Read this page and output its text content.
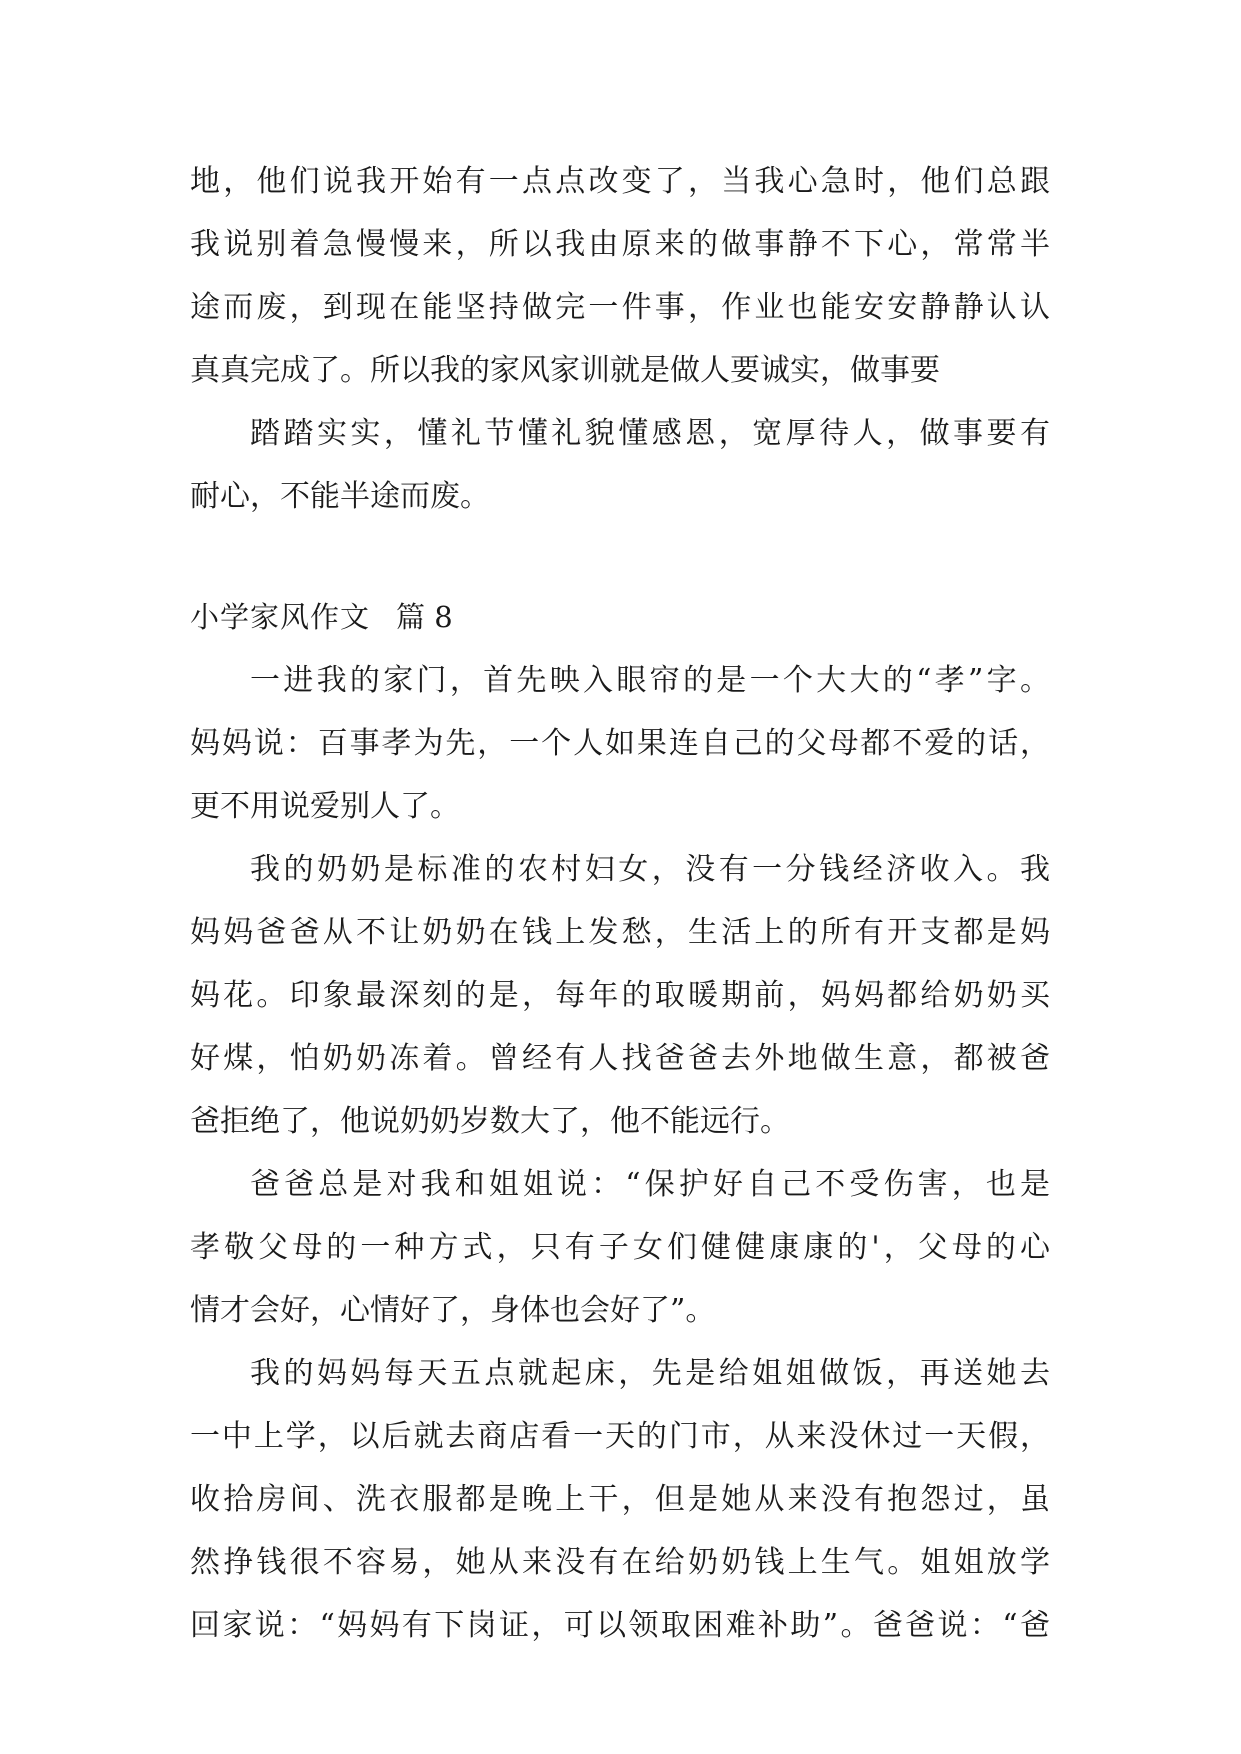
地，他们说我开始有一点点改变了，当我心急时，他们总跟
我说别着急慢慢来，所以我由原来的做事静不下心，常常半
途而废，到现在能坚持做完一件事，作业也能安安静静认认
真真完成了。所以我的家风家训就是做人要诚实，做事要
踏踏实实，懂礼节懂礼貌懂感恩，宽厚待人，做事要有
耐心，不能半途而废。
小学家风作文 篇 8
一进我的家门，首先映入眼帘的是一个大大的“孝”字。
妈妈说：百事孝为先，一个人如果连自己的父母都不爱的话，
更不用说爱别人了。
我的奶奶是标准的农村妇女，没有一分钱经济收入。我
妈妈爸爸从不让奶奶在钱上发愁，生活上的所有开支都是妈
妈花。印象最深刻的是，每年的取暖期前，妈妈都给奶奶买
好煤，怕奶奶冻着。曾经有人找爸爸去外地做生意，都被爸
爸拒绝了，他说奶奶岁数大了，他不能远行。
爸爸总是对我和姐姐说：“保护好自己不受伤害，也是
孝敬父母的一种方式，只有子女们健健康康的'，父母的心
情才会好，心情好了，身体也会好了”。
我的妈妈每天五点就起床，先是给姐姐做饭，再送她去
一中上学，以后就去商店看一天的门市，从来没休过一天假，
收拾房间、洗衣服都是晚上干，但是她从来没有抱怨过，虽
然挣钱很不容易，她从来没有在给奶奶钱上生气。姐姐放学
回家说：“妈妈有下岗证，可以领取困难补助”。爸爸说：“爸
